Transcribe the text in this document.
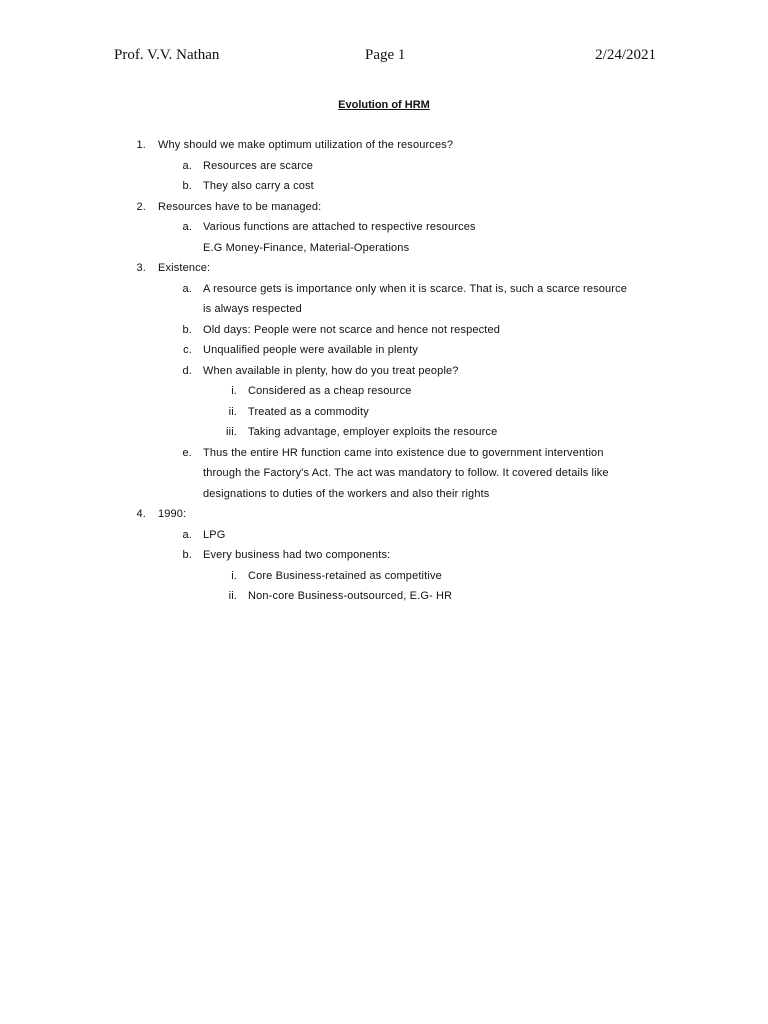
Prof. V.V. Nathan	Page 1	2/24/2021
Evolution of HRM
1. Why should we make optimum utilization of the resources?
a. Resources are scarce
b. They also carry a cost
2. Resources have to be managed:
a. Various functions are attached to respective resources
E.G Money-Finance, Material-Operations
3. Existence:
a. A resource gets is importance only when it is scarce. That is, such a scarce resource
is always respected
b. Old days: People were not scarce and hence not respected
c. Unqualified people were available in plenty
d. When available in plenty, how do you treat people?
i. Considered as a cheap resource
ii. Treated as a commodity
iii. Taking advantage, employer exploits the resource
e. Thus the entire HR function came into existence due to government intervention
through the Factory's Act. The act was mandatory to follow. It covered details like
designations to duties of the workers and also their rights
4. 1990:
a. LPG
b. Every business had two components:
i. Core Business-retained as competitive
ii. Non-core Business-outsourced, E.G- HR
